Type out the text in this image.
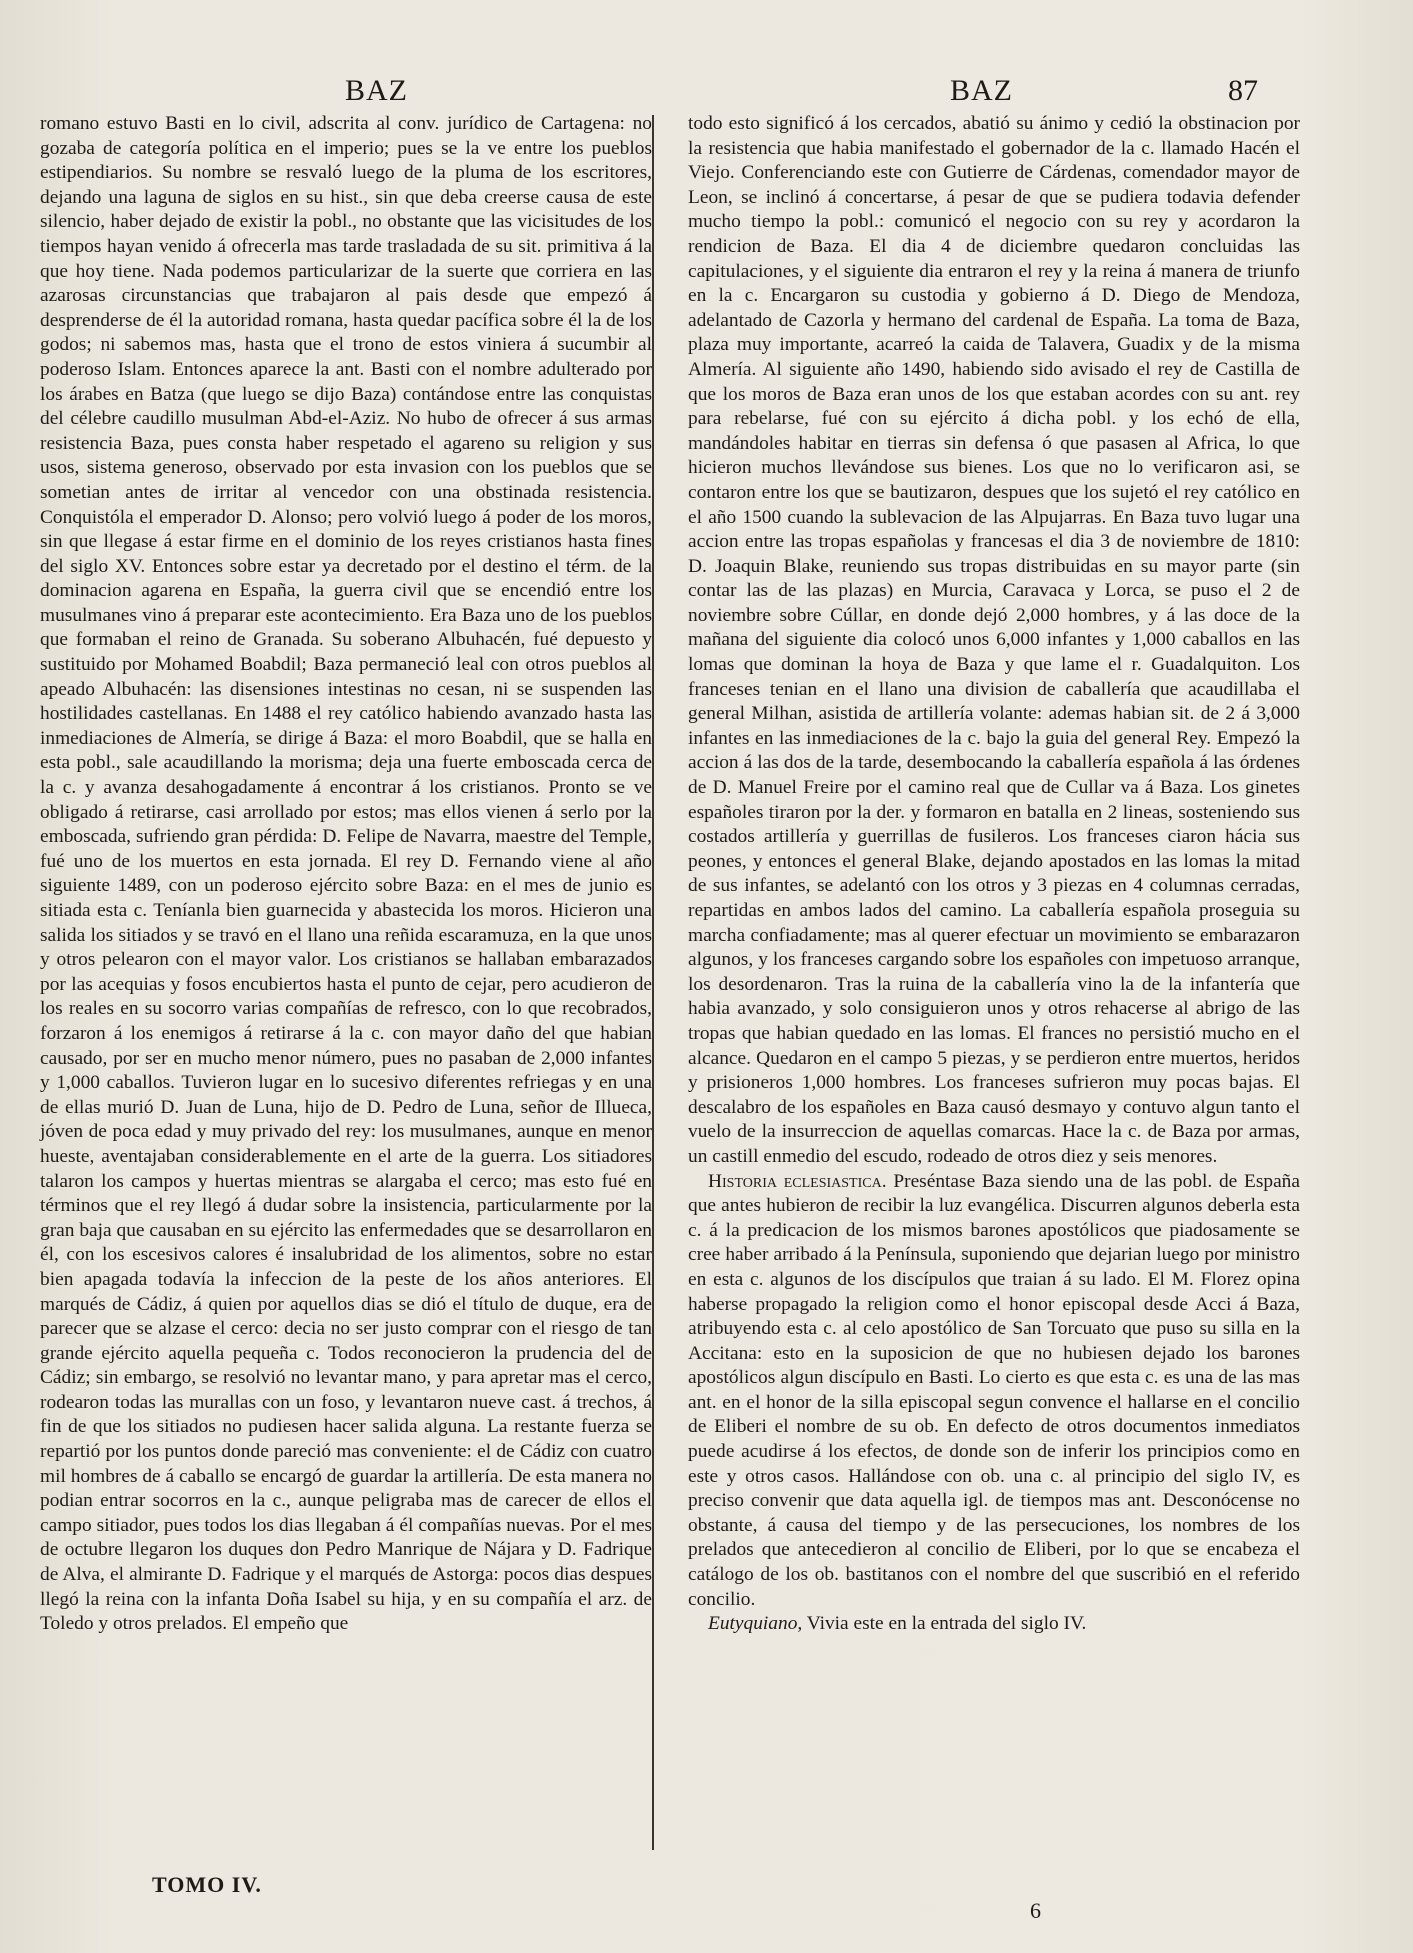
BAZ	BAZ	87

romano estuvo Basti en lo civil, adscrita al conv. jurídico de Cartagena: no gozaba de categoría política en el imperio; pues se la ve entre los pueblos estipendiarios. Su nombre se resvaló luego de la pluma de los escritores, dejando una laguna de siglos en su hist., sin que deba creerse causa de este silencio, haber dejado de existir la pobl., no obstante que las vicisitudes de los tiempos hayan venido á ofrecerla mas tarde trasladada de su sit. primitiva á la que hoy tiene. Nada podemos particularizar de la suerte que corriera en las azarosas circunstancias que trabajaron al pais desde que empezó á desprenderse de él la autoridad romana, hasta quedar pacífica sobre él la de los godos; ni sabemos mas, hasta que el trono de estos viniera á sucumbir al poderoso Islam. Entonces aparece la ant. Basti con el nombre adulterado por los árabes en Batza (que luego se dijo Baza) contándose entre las conquistas del célebre caudillo musulman Abd-el-Aziz. No hubo de ofrecer á sus armas resistencia Baza, pues consta haber respetado el agareno su religion y sus usos, sistema generoso, observado por esta invasion con los pueblos que se sometian antes de irritar al vencedor con una obstinada resistencia. Conquistóla el emperador D. Alonso; pero volvió luego á poder de los moros, sin que llegase á estar firme en el dominio de los reyes cristianos hasta fines del siglo XV. Entonces sobre estar ya decretado por el destino el térm. de la dominacion agarena en España, la guerra civil que se encendió entre los musulmanes vino á preparar este acontecimiento. Era Baza uno de los pueblos que formaban el reino de Granada. Su soberano Albuhacén, fué depuesto y sustituido por Mohamed Boabdil; Baza permaneció leal con otros pueblos al apeado Albuhacén: las disensiones intestinas no cesan, ni se suspenden las hostilidades castellanas. En 1488 el rey católico habiendo avanzado hasta las inmediaciones de Almería, se dirige á Baza: el moro Boabdil, que se halla en esta pobl., sale acaudillando la morisma; deja una fuerte emboscada cerca de la c. y avanza desahogadamente á encontrar á los cristianos. Pronto se ve obligado á retirarse, casi arrollado por estos; mas ellos vienen á serlo por la emboscada, sufriendo gran pérdida: D. Felipe de Navarra, maestre del Temple, fué uno de los muertos en esta jornada. El rey D. Fernando viene al año siguiente 1489, con un poderoso ejército sobre Baza: en el mes de junio es sitiada esta c. Teníanla bien guarnecida y abastecida los moros. Hicieron una salida los sitiados y se travó en el llano una reñida escaramuza, en la que unos y otros pelearon con el mayor valor. Los cristianos se hallaban embarazados por las acequias y fosos encubiertos hasta el punto de cejar, pero acudieron de los reales en su socorro varias compañías de refresco, con lo que recobrados, forzaron á los enemigos á retirarse á la c. con mayor daño del que habian causado, por ser en mucho menor número, pues no pasaban de 2,000 infantes y 1,000 caballos. Tuvieron lugar en lo sucesivo diferentes refriegas y en una de ellas murió D. Juan de Luna, hijo de D. Pedro de Luna, señor de Illueca, jóven de poca edad y muy privado del rey: los musulmanes, aunque en menor hueste, aventajaban considerablemente en el arte de la guerra. Los sitiadores talaron los campos y huertas mientras se alargaba el cerco; mas esto fué en términos que el rey llegó á dudar sobre la insistencia, particularmente por la gran baja que causaban en su ejército las enfermedades que se desarrollaron en él, con los escesivos calores é insalubridad de los alimentos, sobre no estar bien apagada todavía la infeccion de la peste de los años anteriores. El marqués de Cádiz, á quien por aquellos dias se dió el título de duque, era de parecer que se alzase el cerco: decia no ser justo comprar con el riesgo de tan grande ejército aquella pequeña c. Todos reconocieron la prudencia del de Cádiz; sin embargo, se resolvió no levantar mano, y para apretar mas el cerco, rodearon todas las murallas con un foso, y levantaron nueve cast. á trechos, á fin de que los sitiados no pudiesen hacer salida alguna. La restante fuerza se repartió por los puntos donde pareció mas conveniente: el de Cádiz con cuatro mil hombres de á caballo se encargó de guardar la artillería. De esta manera no podian entrar socorros en la c., aunque peligraba mas de carecer de ellos el campo sitiador, pues todos los dias llegaban á él compañías nuevas. Por el mes de octubre llegaron los duques don Pedro Manrique de Nájara y D. Fadrique de Alva, el almirante D. Fadrique y el marqués de Astorga: pocos dias despues llegó la reina con la infanta Doña Isabel su hija, y en su compañía el arz. de Toledo y otros prelados. El empeño que

todo esto significó á los cercados, abatió su ánimo y cedió la obstinacion por la resistencia que habia manifestado el gobernador de la c. llamado Hacén el Viejo. Conferenciando este con Gutierre de Cárdenas, comendador mayor de Leon, se inclinó á concertarse, á pesar de que se pudiera todavia defender mucho tiempo la pobl.: comunicó el negocio con su rey y acordaron la rendicion de Baza. El dia 4 de diciembre quedaron concluidas las capitulaciones, y el siguiente dia entraron el rey y la reina á manera de triunfo en la c. Encargaron su custodia y gobierno á D. Diego de Mendoza, adelantado de Cazorla y hermano del cardenal de España. La toma de Baza, plaza muy importante, acarreó la caida de Talavera, Guadix y de la misma Almería. Al siguiente año 1490, habiendo sido avisado el rey de Castilla de que los moros de Baza eran unos de los que estaban acordes con su ant. rey para rebelarse, fué con su ejército á dicha pobl. y los echó de ella, mandándoles habitar en tierras sin defensa ó que pasasen al Africa, lo que hicieron muchos llevándose sus bienes. Los que no lo verificaron asi, se contaron entre los que se bautizaron, despues que los sujetó el rey católico en el año 1500 cuando la sublevacion de las Alpujarras. En Baza tuvo lugar una accion entre las tropas españolas y francesas el dia 3 de noviembre de 1810: D. Joaquin Blake, reuniendo sus tropas distribuidas en su mayor parte (sin contar las de las plazas) en Murcia, Caravaca y Lorca, se puso el 2 de noviembre sobre Cúllar, en donde dejó 2,000 hombres, y á las doce de la mañana del siguiente dia colocó unos 6,000 infantes y 1,000 caballos en las lomas que dominan la hoya de Baza y que lame el r. Guadalquiton. Los franceses tenian en el llano una division de caballería que acaudillaba el general Milhan, asistida de artillería volante: ademas habian sit. de 2 á 3,000 infantes en las inmediaciones de la c. bajo la guia del general Rey. Empezó la accion á las dos de la tarde, desembocando la caballería española á las órdenes de D. Manuel Freire por el camino real que de Cullar va á Baza. Los ginetes españoles tiraron por la der. y formaron en batalla en 2 lineas, sosteniendo sus costados artillería y guerrillas de fusileros. Los franceses ciaron hácia sus peones, y entonces el general Blake, dejando apostados en las lomas la mitad de sus infantes, se adelantó con los otros y 3 piezas en 4 columnas cerradas, repartidas en ambos lados del camino. La caballería española proseguia su marcha confiadamente; mas al querer efectuar un movimiento se embarazaron algunos, y los franceses cargando sobre los españoles con impetuoso arranque, los desordenaron. Tras la ruina de la caballería vino la de la infantería que habia avanzado, y solo consiguieron unos y otros rehacerse al abrigo de las tropas que habian quedado en las lomas. El frances no persistió mucho en el alcance. Quedaron en el campo 5 piezas, y se perdieron entre muertos, heridos y prisioneros 1,000 hombres. Los franceses sufrieron muy pocas bajas. El descalabro de los españoles en Baza causó desmayo y contuvo algun tanto el vuelo de la insurreccion de aquellas comarcas. Hace la c. de Baza por armas, un castill enmedio del escudo, rodeado de otros diez y seis menores.

Historia eclesiastica. Preséntase Baza siendo una de las pobl. de España que antes hubieron de recibir la luz evangélica. Discurren algunos deberla esta c. á la predicacion de los mismos barones apostólicos que piadosamente se cree haber arribado á la Península, suponiendo que dejarian luego por ministro en esta c. algunos de los discípulos que traian á su lado. El M. Florez opina haberse propagado la religion como el honor episcopal desde Acci á Baza, atribuyendo esta c. al celo apostólico de San Torcuato que puso su silla en la Accitana: esto en la suposicion de que no hubiesen dejado los barones apostólicos algun discípulo en Basti. Lo cierto es que esta c. es una de las mas ant. en el honor de la silla episcopal segun convence el hallarse en el concilio de Eliberi el nombre de su ob. En defecto de otros documentos inmediatos puede acudirse á los efectos, de donde son de inferir los principios como en este y otros casos. Hallándose con ob. una c. al principio del siglo IV, es preciso convenir que data aquella igl. de tiempos mas ant. Desconócense no obstante, á causa del tiempo y de las persecuciones, los nombres de los prelados que antecedieron al concilio de Eliberi, por lo que se encabeza el catálogo de los ob. bastitanos con el nombre del que suscribió en el referido concilio.

Eutyquiano, Vivia este en la entrada del siglo IV.

TOMO IV.
6
